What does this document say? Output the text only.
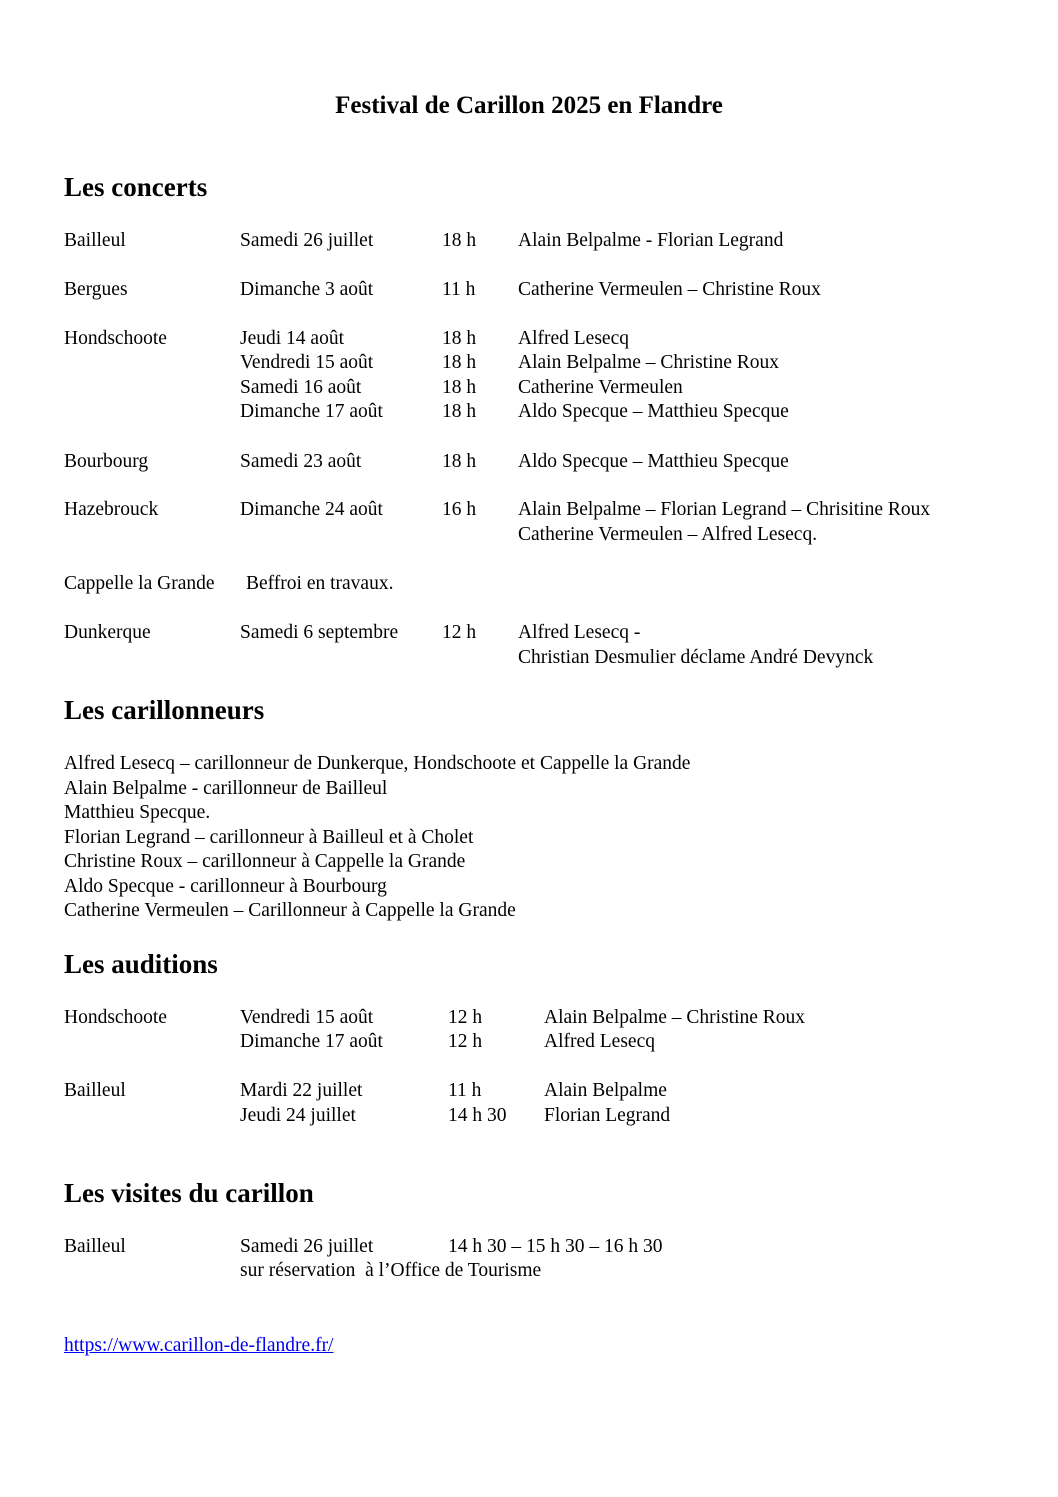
Festival de Carillon 2025 en Flandre
Les concerts
Bailleul	Samedi 26 juillet	18 h Alain Belpalme - Florian Legrand
Bergues	Dimanche 3 août	11 h Catherine Vermeulen – Christine Roux
Hondschoote	Jeudi 14 août	18 h Alfred Lesecq
Vendredi 15 août	18 h Alain Belpalme – Christine Roux
Samedi 16 août	18 h Catherine Vermeulen
Dimanche 17 août	18 h Aldo Specque – Matthieu Specque
Bourbourg	Samedi 23 août	18 h Aldo Specque – Matthieu Specque
Hazebrouck	Dimanche 24 août	16 h Alain Belpalme – Florian Legrand – Chrisitine Roux
Catherine Vermeulen – Alfred Lesecq.
Cappelle la Grande Beffroi en travaux.
Dunkerque	Samedi 6 septembre 12 h Alfred Lesecq -
Christian Desmulier déclame André Devynck
Les carillonneurs
Alfred Lesecq – carillonneur de Dunkerque, Hondschoote et Cappelle la Grande
Alain Belpalme - carillonneur de Bailleul
Matthieu Specque.
Florian Legrand – carillonneur à Bailleul et à Cholet
Christine Roux – carillonneur à Cappelle la Grande
Aldo Specque - carillonneur à Bourbourg
Catherine Vermeulen – Carillonneur à Cappelle la Grande
Les auditions
Hondschoote	Vendredi 15 août	12 h	Alain Belpalme – Christine Roux
Dimanche 17 août	12 h	Alfred Lesecq
Bailleul	Mardi 22 juillet	11 h	Alain Belpalme
Jeudi 24 juillet	14 h 30 Florian Legrand
Les visites du carillon
Bailleul	Samedi 26 juillet	14 h 30 – 15 h 30 – 16 h 30
sur réservation  à l’Office de Tourisme
https://www.carillon-de-flandre.fr/
